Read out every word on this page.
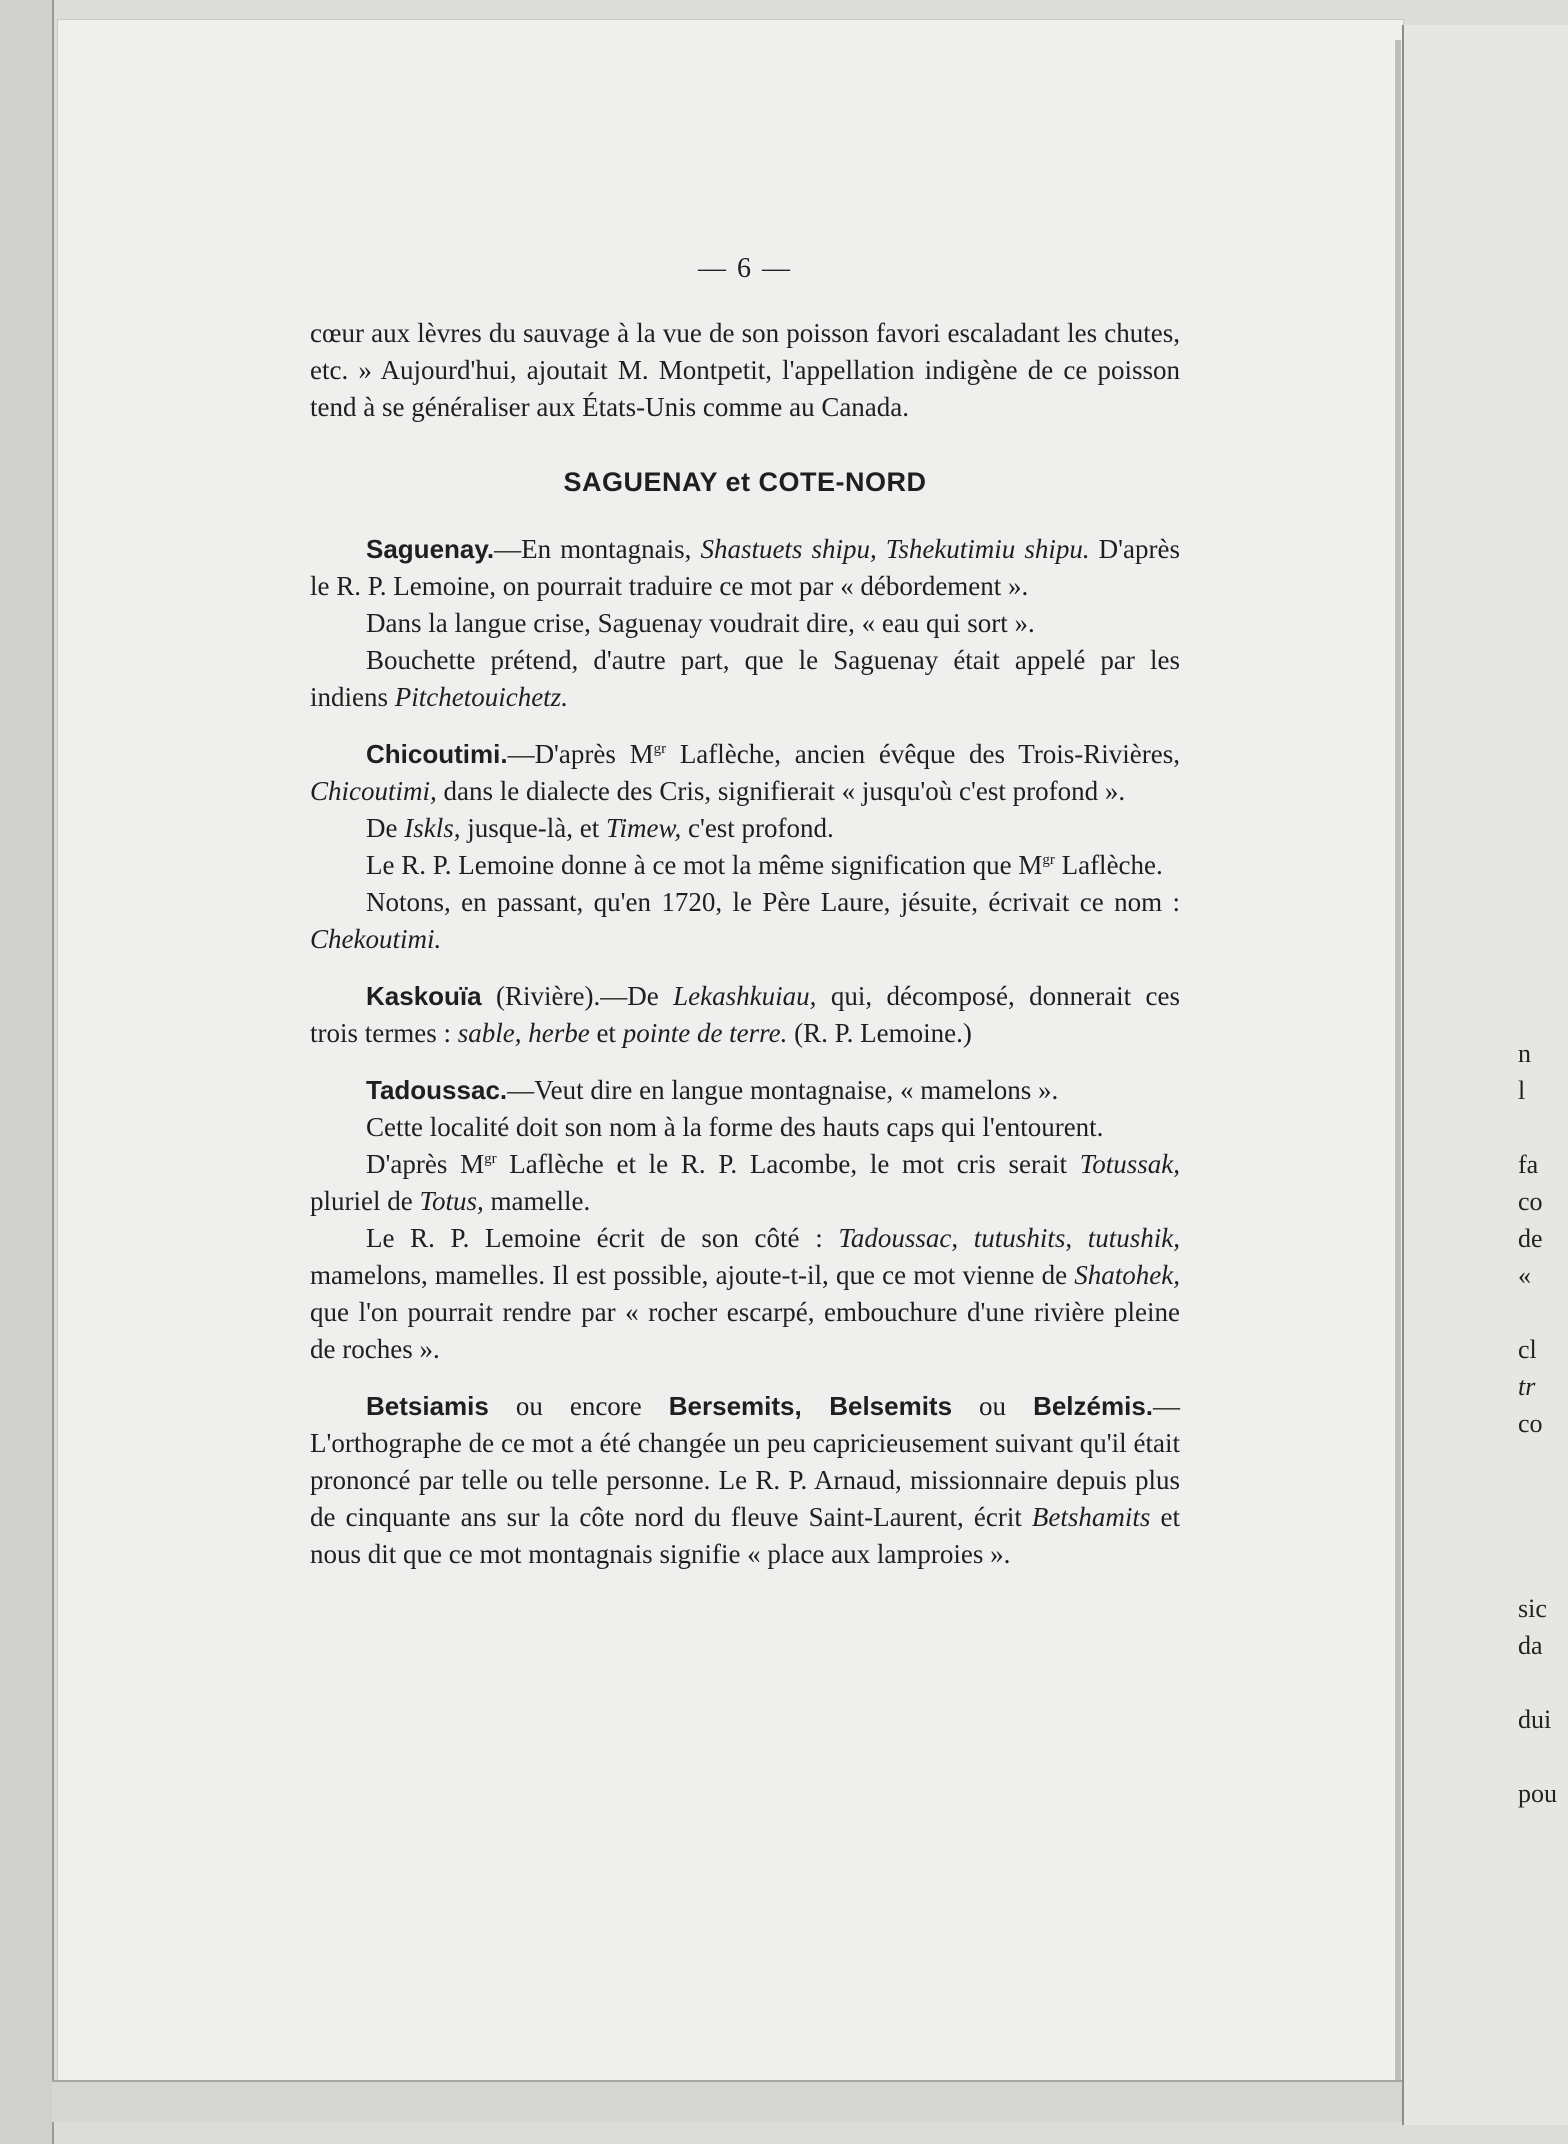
— 6 —

cœur aux lèvres du sauvage à la vue de son poisson favori escaladant les chutes, etc. » Aujourd'hui, ajoutait M. Montpetit, l'appellation indigène de ce poisson tend à se généraliser aux États-Unis comme au Canada.

SAGUENAY et COTE-NORD

Saguenay.—En montagnais, Shastuets shipu, Tshekutimiu shipu. D'après le R. P. Lemoine, on pourrait traduire ce mot par « débordement ».

Dans la langue crise, Saguenay voudrait dire, « eau qui sort ».

Bouchette prétend, d'autre part, que le Saguenay était appelé par les indiens Pitchetouichetz.

Chicoutimi.—D'après $M^{gr}$ Laflèche, ancien évêque des Trois-Rivières, Chicoutimi, dans le dialecte des Cris, signifierait « jusqu'où c'est profond ».

De Iskls, jusque-là, et Timew, c'est profond.

Le R. P. Lemoine donne à ce mot la même signification que $M^{gr}$ Laflèche.

Notons, en passant, qu'en 1720, le Père Laure, jésuite, écrivait ce nom : Chekoutimi.

Kaskouïa (Rivière).—De Lekashkuiau, qui, décomposé, donnerait ces trois termes : sable, herbe et pointe de terre. (R. P. Lemoine.)

Tadoussac.—Veut dire en langue montagnaise, « mamelons ».

Cette localité doit son nom à la forme des hauts caps qui l'entourent.

D'après $M^{gr}$ Laflèche et le R. P. Lacombe, le mot cris serait Totussak, pluriel de Totus, mamelle.

Le R. P. Lemoine écrit de son côté : Tadoussac, tutushits, tutushik, mamelons, mamelles. Il est possible, ajoute-t-il, que ce mot vienne de Shatohek, que l'on pourrait rendre par « rocher escarpé, embouchure d'une rivière pleine de roches ».

Betsiamis ou encore Bersemits, Belsemits ou Belzémis.—L'orthographe de ce mot a été changée un peu capricieusement suivant qu'il était prononcé par telle ou telle personne. Le R. P. Arnaud, missionnaire depuis plus de cinquante ans sur la côte nord du fleuve Saint-Laurent, écrit Betshamits et nous dit que ce mot montagnais signifie « place aux lamproies ».

n
l
fa
co
de
«
cl
tr
co
sic
da
dui
pou
